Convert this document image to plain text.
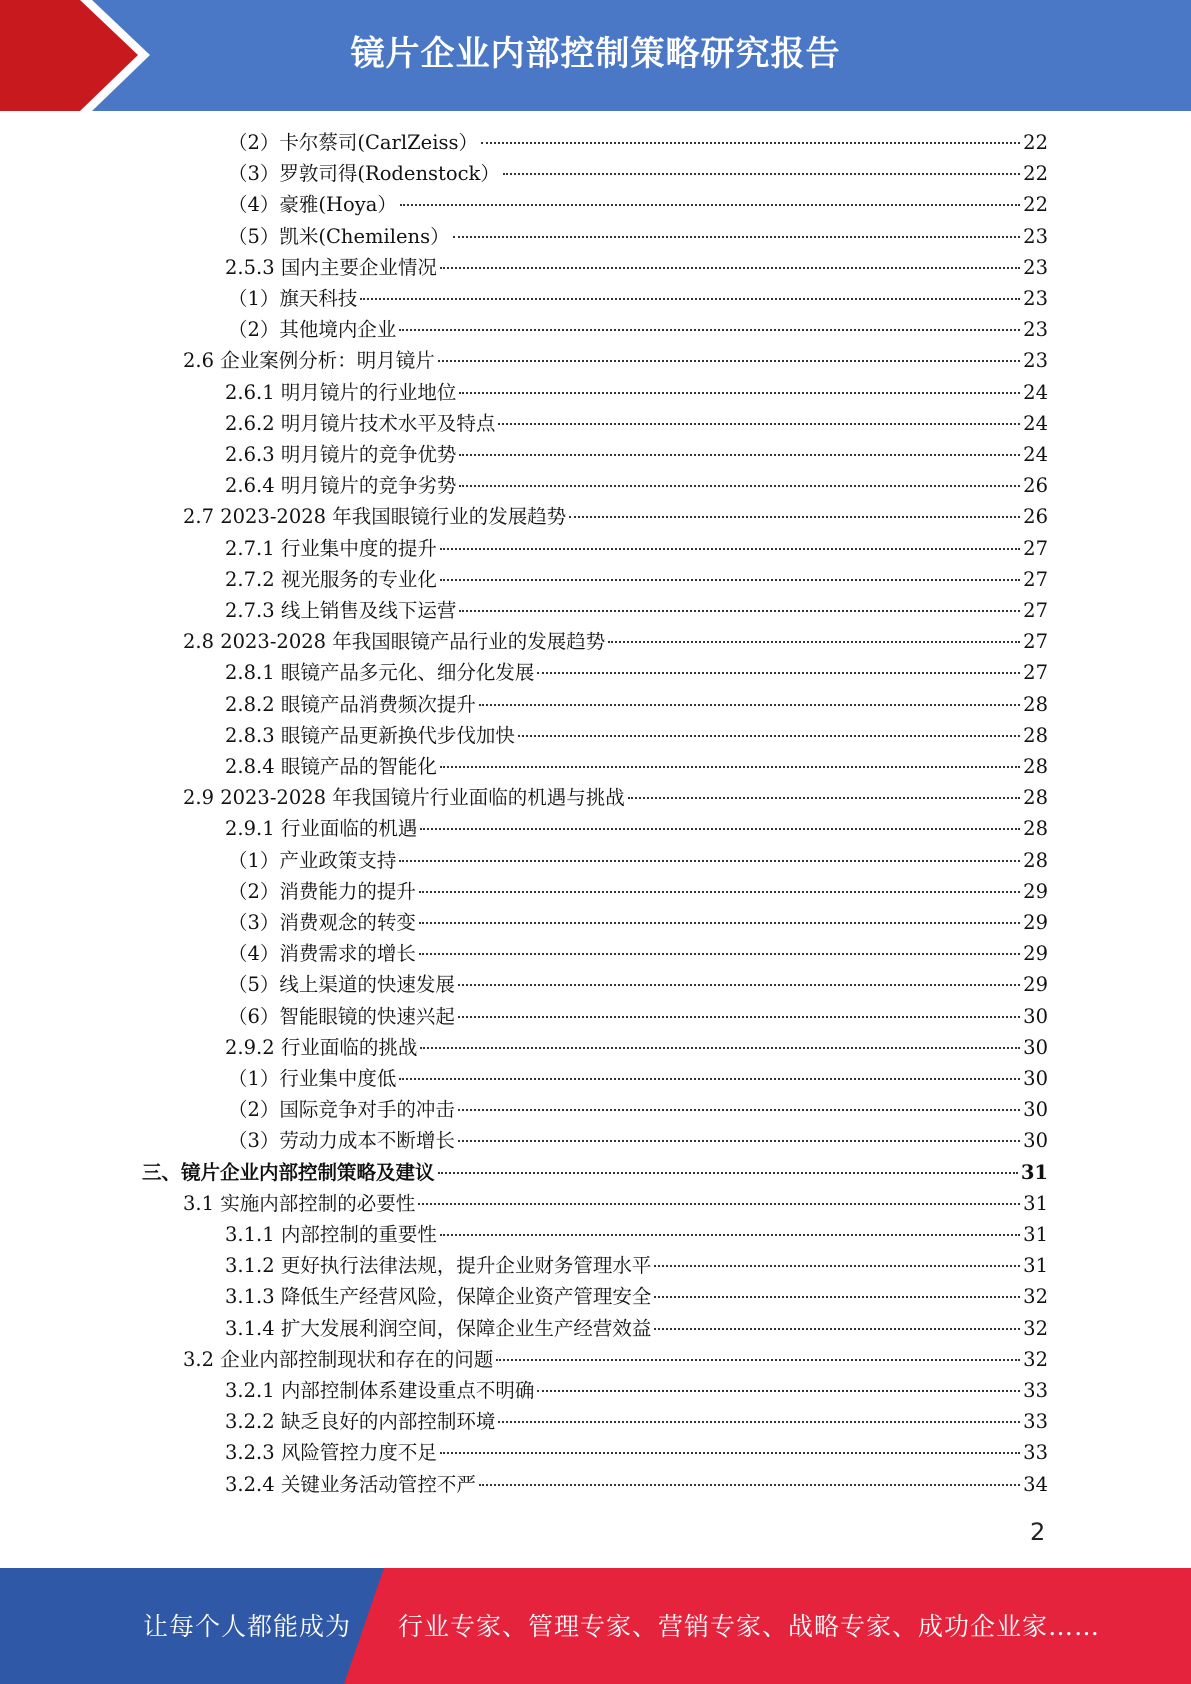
镜片企业内部控制策略研究报告
（2）卡尔蔡司(CarlZeiss）	22
（3）罗敦司得(Rodenstock）	22
（4）豪雅(Hoya）	22
（5）凯米(Chemilens）	23
2.5.3 国内主要企业情况	23
（1）旗天科技	23
（2）其他境内企业	23
2.6 企业案例分析：明月镜片	23
2.6.1 明月镜片的行业地位	24
2.6.2 明月镜片技术水平及特点	24
2.6.3 明月镜片的竞争优势	24
2.6.4 明月镜片的竞争劣势	26
2.7 2023-2028 年我国眼镜行业的发展趋势	26
2.7.1 行业集中度的提升	27
2.7.2 视光服务的专业化	27
2.7.3 线上销售及线下运营	27
2.8 2023-2028 年我国眼镜产品行业的发展趋势	27
2.8.1 眼镜产品多元化、细分化发展	27
2.8.2 眼镜产品消费频次提升	28
2.8.3 眼镜产品更新换代步伐加快	28
2.8.4 眼镜产品的智能化	28
2.9 2023-2028 年我国镜片行业面临的机遇与挑战	28
2.9.1 行业面临的机遇	28
（1）产业政策支持	28
（2）消费能力的提升	29
（3）消费观念的转变	29
（4）消费需求的增长	29
（5）线上渠道的快速发展	29
（6）智能眼镜的快速兴起	30
2.9.2 行业面临的挑战	30
（1）行业集中度低	30
（2）国际竞争对手的冲击	30
（3）劳动力成本不断增长	30
三、镜片企业内部控制策略及建议	31
3.1 实施内部控制的必要性	31
3.1.1 内部控制的重要性	31
3.1.2 更好执行法律法规，提升企业财务管理水平	31
3.1.3 降低生产经营风险，保障企业资产管理安全	32
3.1.4 扩大发展利润空间，保障企业生产经营效益	32
3.2 企业内部控制现状和存在的问题	32
3.2.1 内部控制体系建设重点不明确	33
3.2.2 缺乏良好的内部控制环境	33
3.2.3 风险管控力度不足	33
3.2.4 关键业务活动管控不严	34
2
让每个人都能成为 行业专家、管理专家、营销专家、战略专家、成功企业家……
